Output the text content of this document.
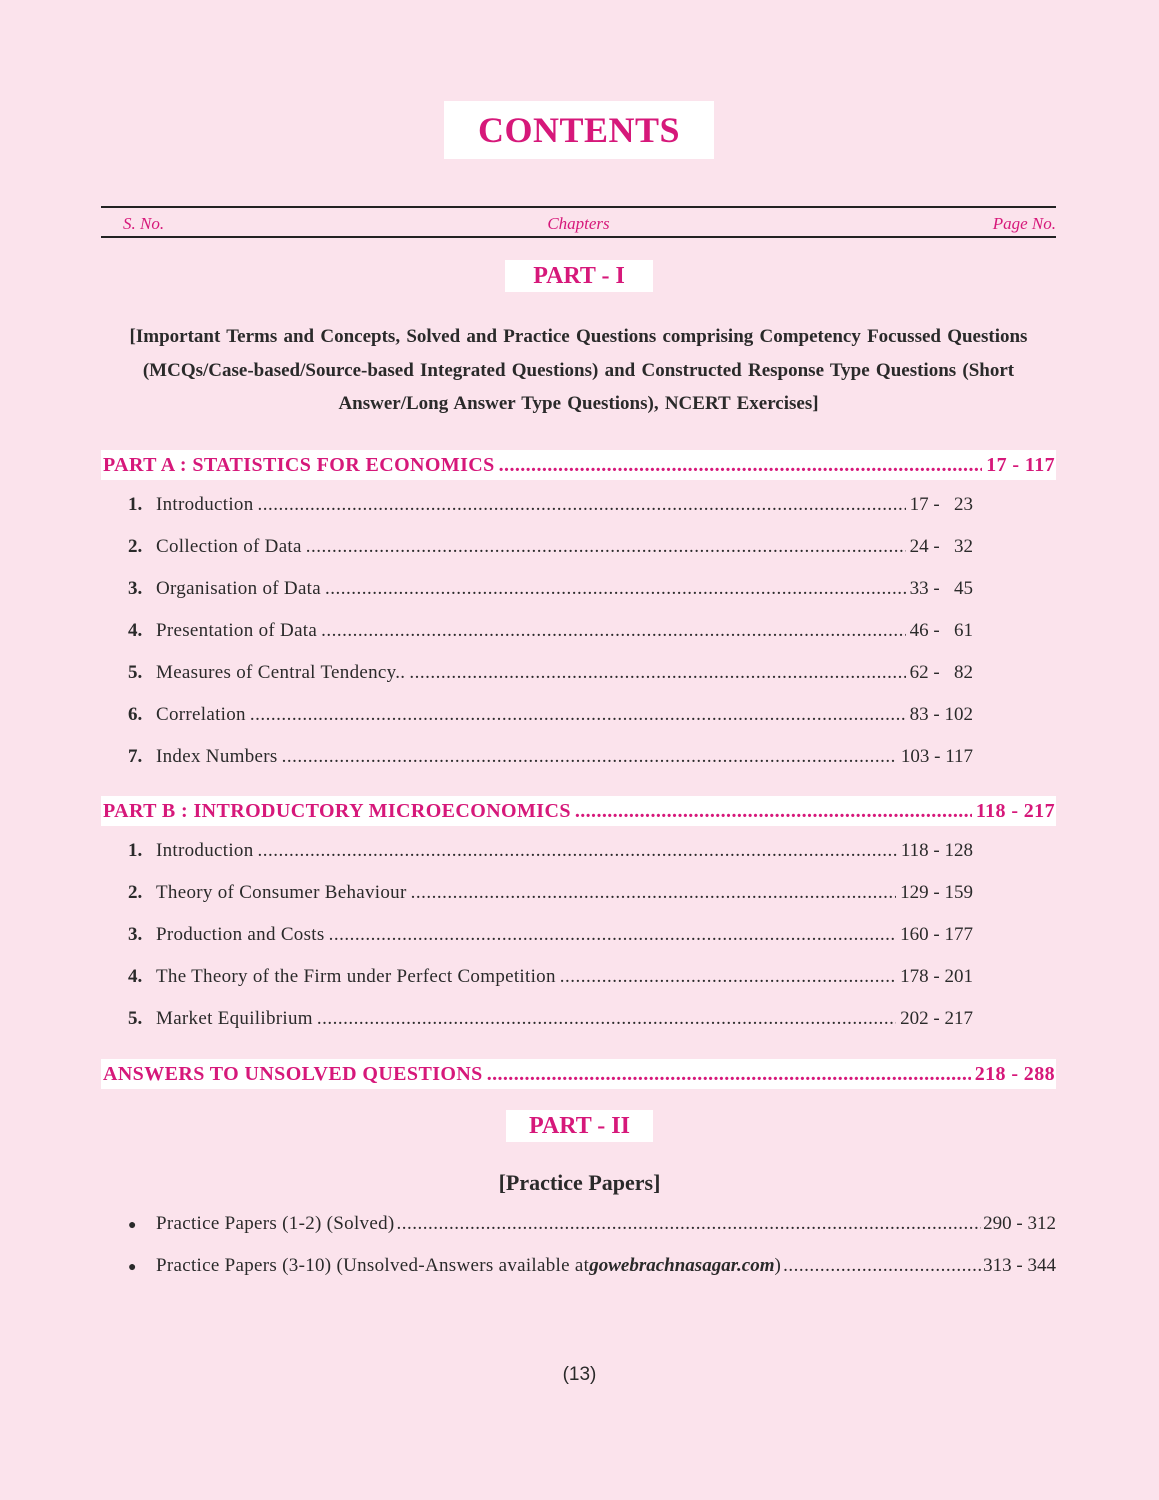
CONTENTS
S. No.	Chapters	Page No.
PART - I
[Important Terms and Concepts, Solved and Practice Questions comprising Competency Focussed Questions (MCQs/Case-based/Source-based Integrated Questions) and Constructed Response Type Questions (Short Answer/Long Answer Type Questions), NCERT Exercises]
PART A : STATISTICS FOR ECONOMICS .....	17 - 117
1. Introduction .....	17 -   23
2. Collection of Data .....	24 -   32
3. Organisation of Data .....	33 -   45
4. Presentation of Data .....	46 -   61
5. Measures of Central Tendency.. .....	62 -   82
6. Correlation .....	83 - 102
7. Index Numbers .....	103 - 117
PART B : INTRODUCTORY MICROECONOMICS .....	118 - 217
1. Introduction .....	118 - 128
2. Theory of Consumer Behaviour .....	129 - 159
3. Production and Costs .....	160 - 177
4. The Theory of the Firm under Perfect Competition .....	178 - 201
5. Market Equilibrium .....	202 - 217
ANSWERS TO UNSOLVED QUESTIONS .....	218 - 288
PART - II
[Practice Papers]
●	Practice Papers (1-2) (Solved) .....	290 - 312
●	Practice Papers (3-10) (Unsolved-Answers available at gowebrachnasagar.com ) .....	313 - 344
(13)
